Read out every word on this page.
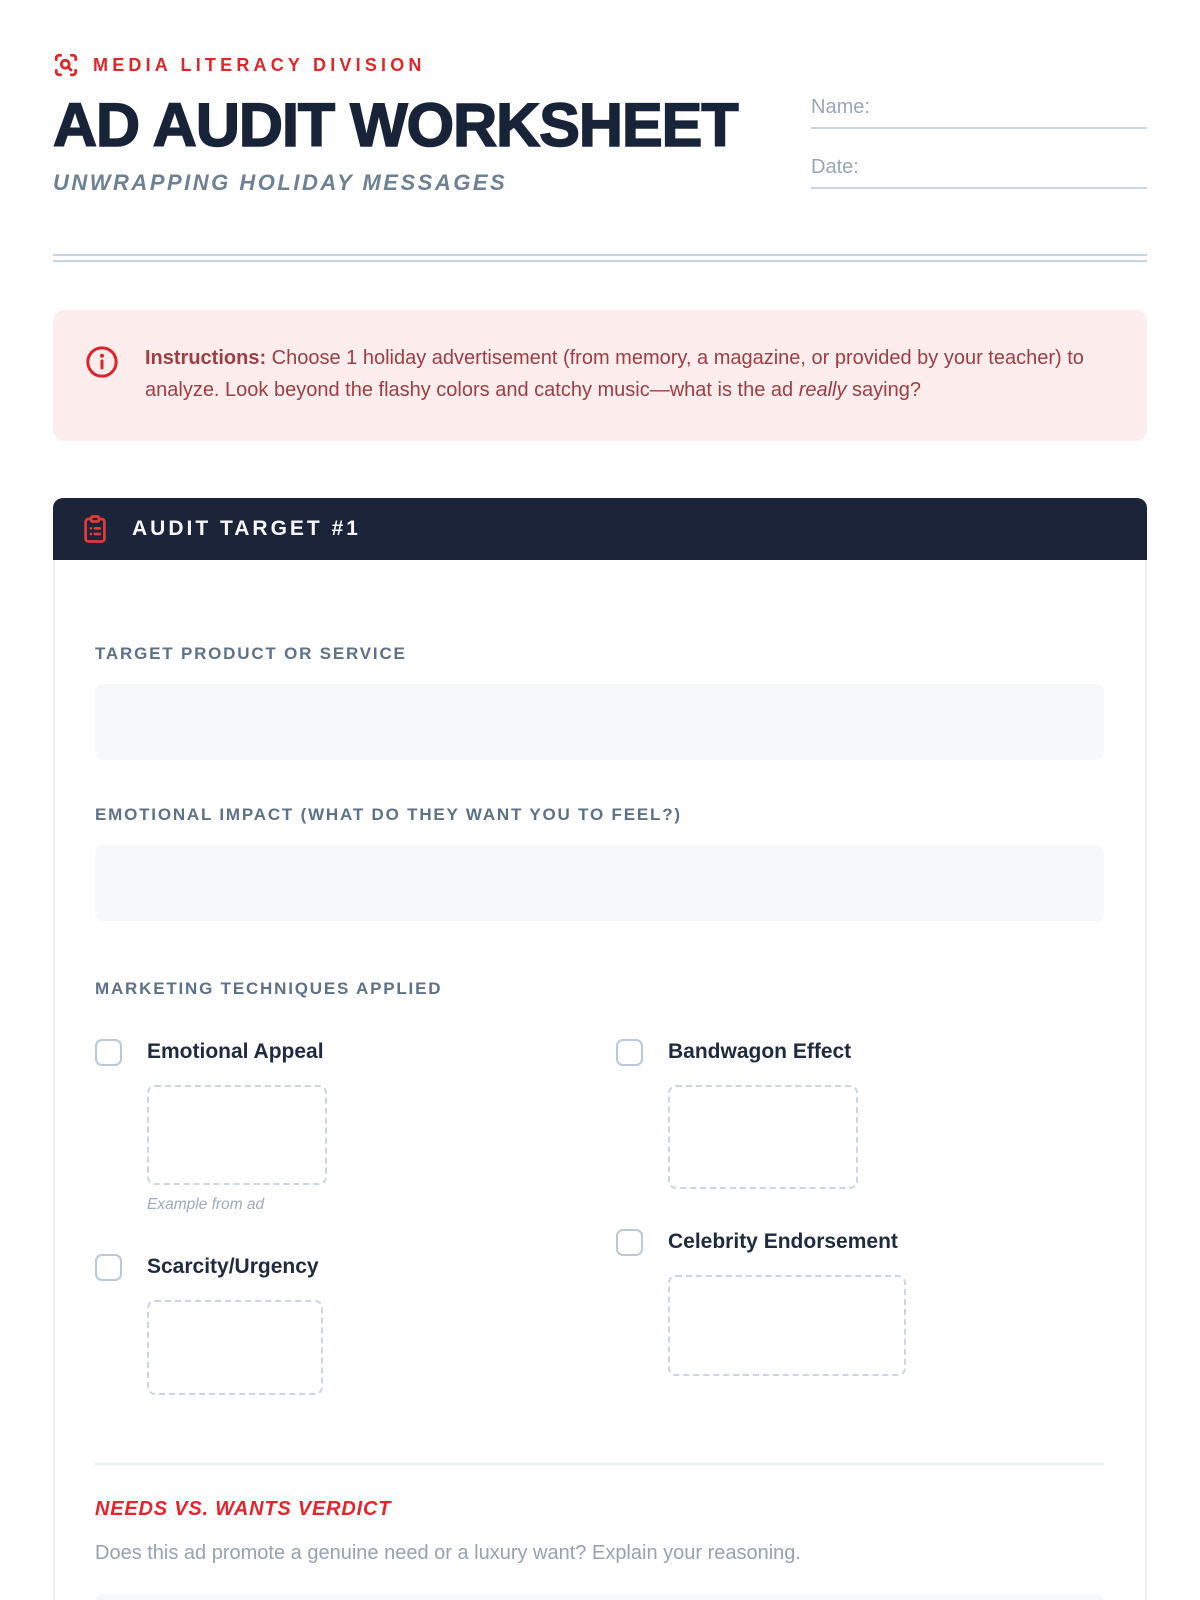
MEDIA LITERACY DIVISION
AD AUDIT WORKSHEET
UNWRAPPING HOLIDAY MESSAGES
Name:
Date:
Instructions: Choose 1 holiday advertisement (from memory, a magazine, or provided by your teacher) to analyze. Look beyond the flashy colors and catchy music—what is the ad really saying?
AUDIT TARGET #1
TARGET PRODUCT OR SERVICE
EMOTIONAL IMPACT (WHAT DO THEY WANT YOU TO FEEL?)
MARKETING TECHNIQUES APPLIED
Emotional Appeal
Example from ad
Scarcity/Urgency
Bandwagon Effect
Celebrity Endorsement
NEEDS VS. WANTS VERDICT
Does this ad promote a genuine need or a luxury want? Explain your reasoning.
